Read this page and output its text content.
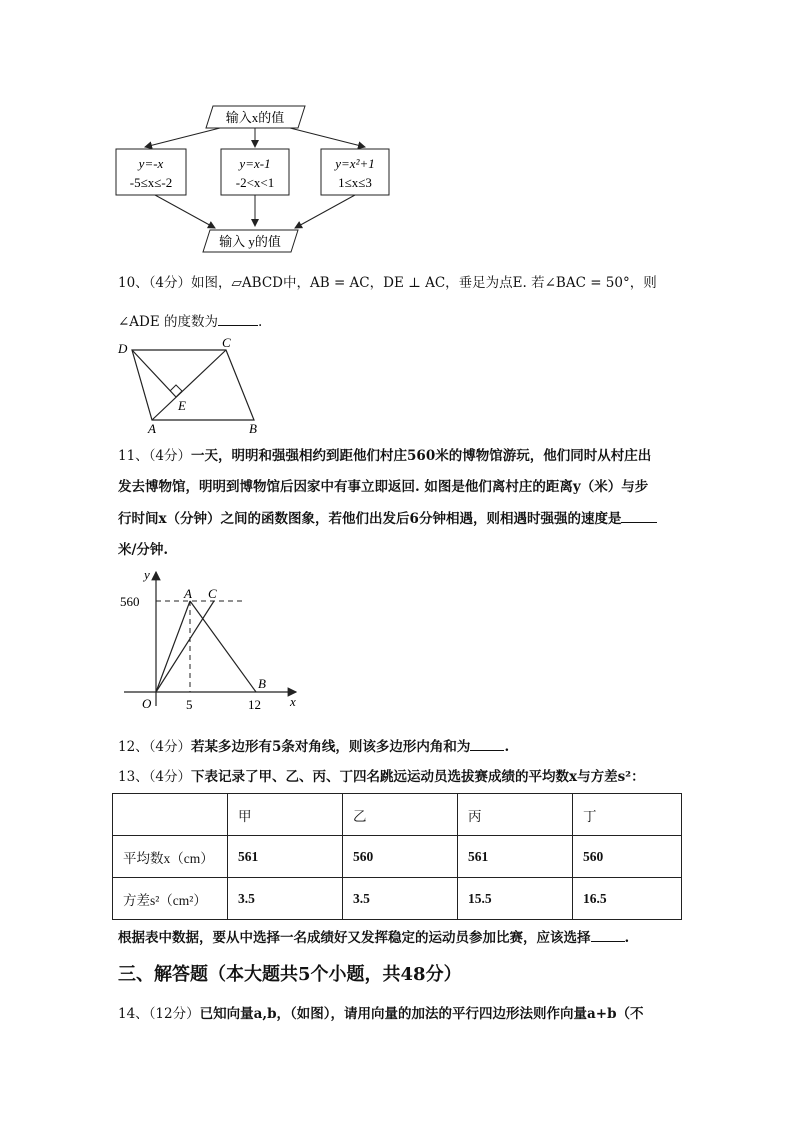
输入x的值
y=-x
-5≤x≤-2
y=x-1
-2<x<1
y=x²+1
1≤x≤3
输入 y的值
10、（4分）如图，▱ABCD中，AB = AC，DE ⊥ AC，垂足为点E. 若∠BAC = 50°，则
∠ADE 的度数为	.
D	C
E
A	B
11、（4分）一天，明明和强强相约到距他们村庄560米的博物馆游玩，他们同时从村庄出
发去博物馆，明明到博物馆后因家中有事立即返回. 如图是他们离村庄的距离y（米）与步
行时间x（分钟）之间的函数图象，若他们出发后6分钟相遇，则相遇时强强的速度是
米/分钟.
y
x
O
560
5	12
A C
B
12、（4分）若某多边形有5条对角线，则该多边形内角和为	.
13、（4分）下表记录了甲、乙、丙、丁四名跳远运动员选拔赛成绩的平均数x与方差s²：
	甲	乙	丙	丁
平均数x（cm）	561	560	561	560
方差s²（cm²）	3.5	3.5	15.5	16.5
根据表中数据，要从中选择一名成绩好又发挥稳定的运动员参加比赛，应该选择	.
三、解答题（本大题共5个小题，共48分）
14、（12分）已知向量a,b，（如图），请用向量的加法的平行四边形法则作向量a+b（不
